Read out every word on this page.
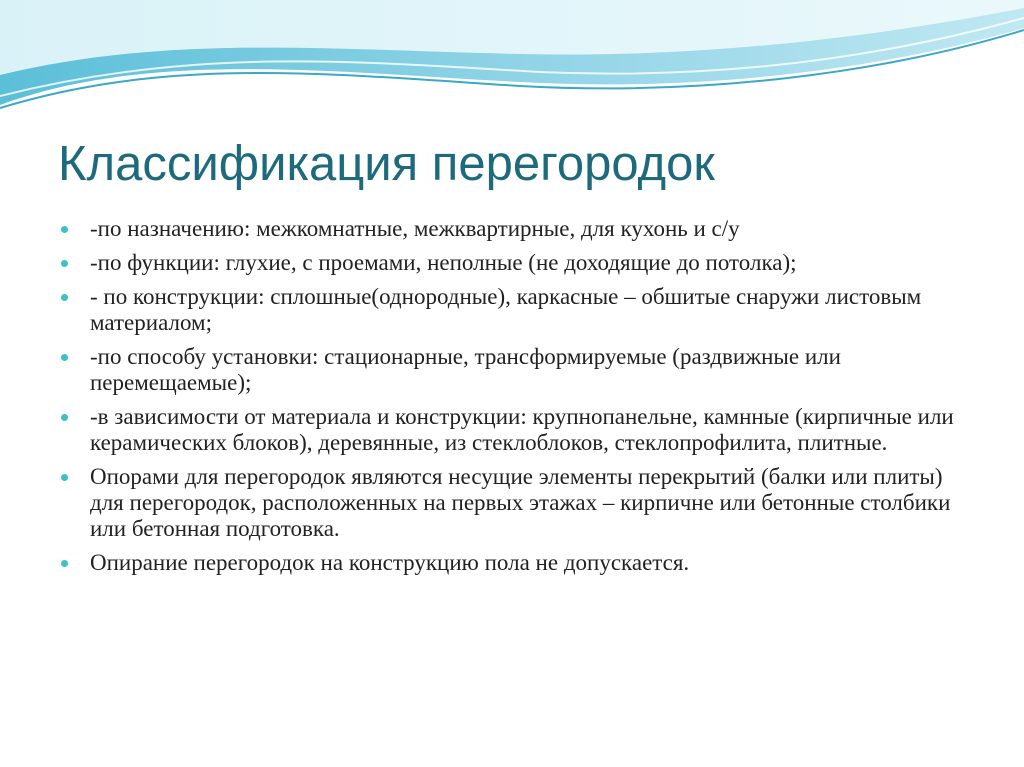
Классификация перегородок
-по назначению: межкомнатные, межквартирные, для кухонь и с/у
-по функции: глухие, с проемами, неполные (не доходящие до потолка);
- по конструкции: сплошные(однородные), каркасные – обшитые снаружи листовым материалом;
-по способу установки: стационарные, трансформируемые (раздвижные или перемещаемые);
-в зависимости от материала и конструкции: крупнопанельне, камнные (кирпичные или керамических блоков), деревянные, из стеклоблоков, стеклопрофилита, плитные.
Опорами для перегородок являются несущие элементы перекрытий (балки или плиты) для перегородок, расположенных на первых этажах – кирпичне или бетонные столбики или бетонная подготовка.
Опирание перегородок на конструкцию пола не допускается.
